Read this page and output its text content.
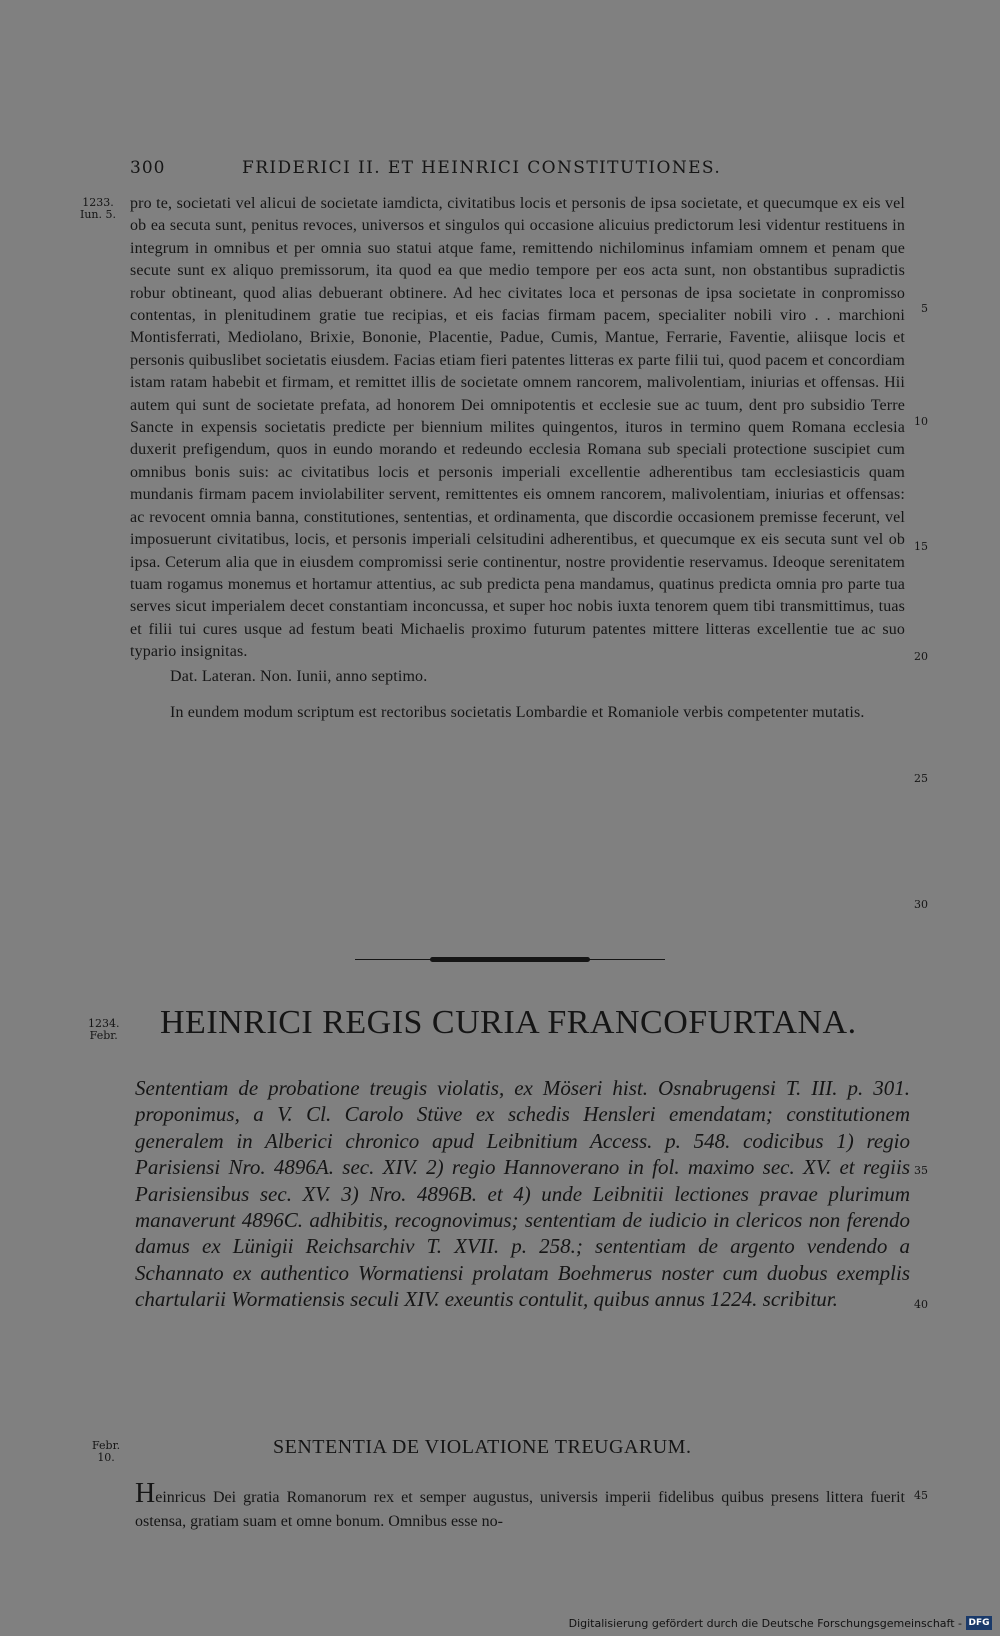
300	FRIDERICI II. ET HEINRICI CONSTITUTIONES.
1233.
Iun. 5.
5
10
15
20
25
30

pro te, societati vel alicui de societate iamdicta, civitatibus locis et personis de ipsa societate, et quecumque ex eis vel ob ea secuta sunt, penitus revoces, universos et singulos qui occasione alicuius predictorum lesi videntur restituens in integrum in omnibus et per omnia suo statui atque fame, remittendo nichilominus infamiam omnem et penam que secute sunt ex aliquo premissorum, ita quod ea que medio tempore per eos acta sunt, non obstantibus supradictis robur obtineant, quod alias debuerant obtinere. Ad hec civitates loca et personas de ipsa societate in conpromisso contentas, in plenitudinem gratie tue recipias, et eis facias firmam pacem, specialiter nobili viro . . marchioni Montisferrati, Mediolano, Brixie, Bononie, Placentie, Padue, Cumis, Mantue, Ferrarie, Faventie, aliisque locis et personis quibuslibet societatis eiusdem. Facias etiam fieri patentes litteras ex parte filii tui, quod pacem et concordiam istam ratam habebit et firmam, et remittet illis de societate omnem rancorem, malivolentiam, iniurias et offensas. Hii autem qui sunt de societate prefata, ad honorem Dei omnipotentis et ecclesie sue ac tuum, dent pro subsidio Terre Sancte in expensis societatis predicte per biennium milites quingentos, ituros in termino quem Romana ecclesia duxerit prefigendum, quos in eundo morando et redeundo ecclesia Romana sub speciali protectione suscipiet cum omnibus bonis suis: ac civitatibus locis et personis imperiali excellentie adherentibus tam ecclesiasticis quam mundanis firmam pacem inviolabiliter servent, remittentes eis omnem rancorem, malivolentiam, iniurias et offensas: ac revocent omnia banna, constitutiones, sententias, et ordinamenta, que discordie occasionem premisse fecerunt, vel imposuerunt civitatibus, locis, et personis imperiali celsitudini adherentibus, et quecumque ex eis secuta sunt vel ob ipsa. Ceterum alia que in eiusdem compromissi serie continentur, nostre providentie reservamus. Ideoque serenitatem tuam rogamus monemus et hortamur attentius, ac sub predicta pena mandamus, quatinus predicta omnia pro parte tua serves sicut imperialem decet constantiam inconcussa, et super hoc nobis iuxta tenorem quem tibi transmittimus, tuas et filii tui cures usque ad festum beati Michaelis proximo futurum patentes mittere litteras excellentie tue ac suo typario insignitas.

Dat. Lateran. Non. Iunii, anno septimo.

In eundem modum scriptum est rectoribus societatis Lombardie et Romaniole verbis competenter mutatis.

1234.
Febr. HEINRICI REGIS CURIA FRANCOFURTANA.

Sententiam de probatione treugis violatis, ex Möseri hist. Osnabrugensi T. III. p. 301. proponimus, a V. Cl. Carolo Stüve ex schedis Hensleri emendatam; constitutionem generalem in Alberici chronico apud Leibnitium Access. p. 548. codicibus 1) regio Parisiensi Nro. 4896A. sec. XIV. 2) regio Hannoverano in fol. maximo sec. XV. et regiis Parisiensibus sec. XV. 3) Nro. 4896B. et 4) unde Leibnitii lectiones pravae plurimum manaverunt 4896C. adhibitis, recognovimus; sententiam de iudicio in clericos non ferendo damus ex Lünigii Reichsarchiv T. XVII. p. 258.; sententiam de argento vendendo a Schannato ex authentico Wormatiensi prolatam Boehmerus noster cum duobus exemplis chartularii Wormatiensis seculi XIV. exeuntis contulit, quibus annus 1224. scribitur.

35
40
Febr.
10.	SENTENTIA DE VIOLATIONE TREUGARUM.
45

Heinricus Dei gratia Romanorum rex et semper augustus, universis imperii fidelibus quibus presens littera fuerit ostensa, gratiam suam et omne bonum. Omnibus esse no-

Digitalisierung gefördert durch die Deutsche Forschungsgemeinschaft - DFG
